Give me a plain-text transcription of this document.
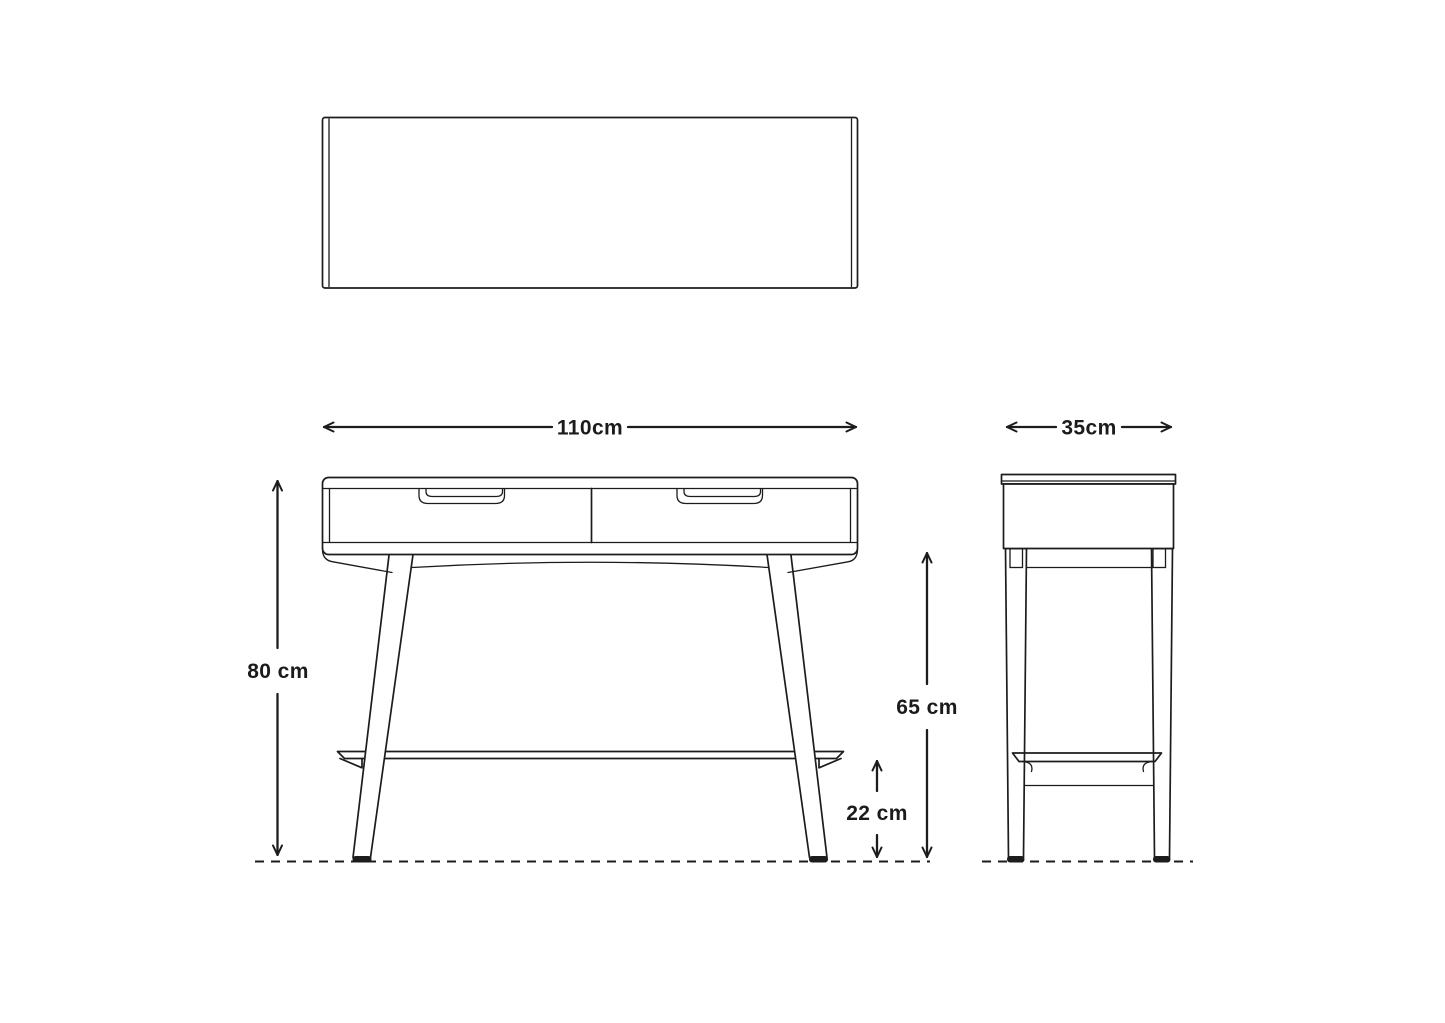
110cm	35cm
80 cm
65 cm
22 cm
